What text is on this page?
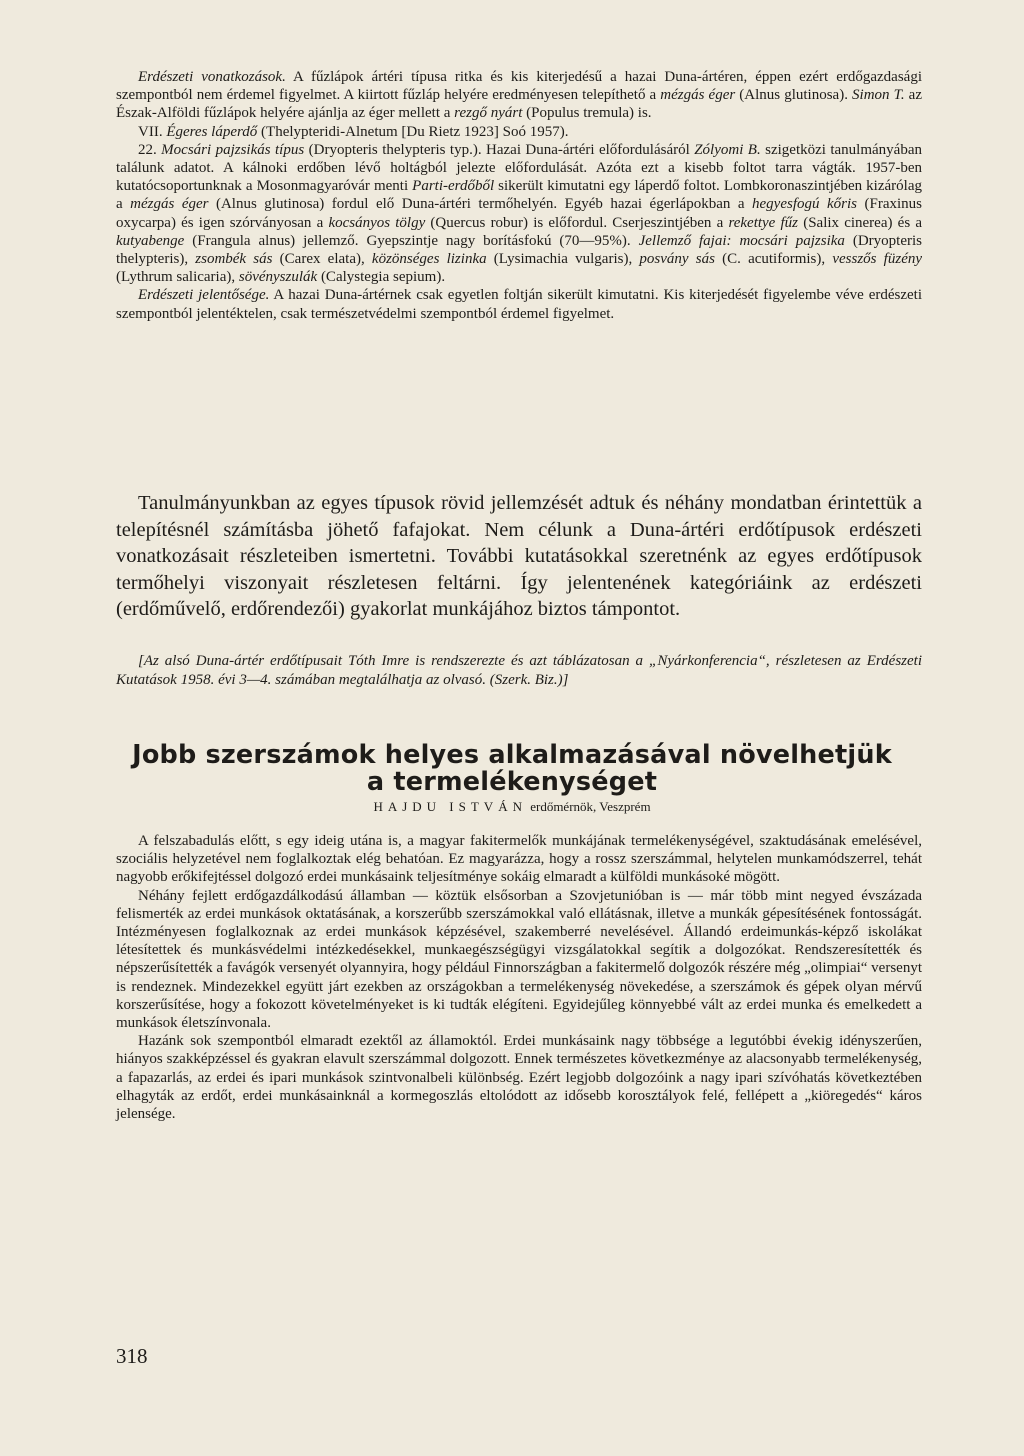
Erdészeti vonatkozások. A fűzlápok ártéri típusa ritka és kis kiterjedésű a hazai Duna-ártéren, éppen ezért erdőgazdasági szempontból nem érdemel figyelmet. A kiirtott fűzláp helyére eredményesen telepíthető a mézgás éger (Alnus glutinosa). Simon T. az Észak-Alföldi fűzlápok helyére ajánlja az éger mellett a rezgő nyárt (Populus tremula) is.

VII. Égeres láperdő (Thelypteridi-Alnetum [Du Rietz 1923] Soó 1957).

22. Mocsári pajzsikás típus (Dryopteris thelypteris typ.). Hazai Duna-ártéri előfordulásáról Zólyomi B. szigetközi tanulmányában találunk adatot. A kálnoki erdőben lévő holtágból jelezte előfordulását. Azóta ezt a kisebb foltot tarra vágták. 1957-ben kutatócsoportunknak a Mosonmagyaróvár menti Parti-erdőből sikerült kimutatni egy láperdő foltot. Lombkoronaszintjében kizárólag a mézgás éger (Alnus glutinosa) fordul elő Duna-ártéri termőhelyén. Egyéb hazai égerlápokban a hegyesfogú kőris (Fraxinus oxycarpa) és igen szórványosan a kocsányos tölgy (Quercus robur) is előfordul. Cserjeszintjében a rekettye fűz (Salix cinerea) és a kutyabenge (Frangula alnus) jellemző. Gyepszintje nagy borításfokú (70—95%). Jellemző fajai: mocsári pajzsika (Dryopteris thelypteris), zsombék sás (Carex elata), közönséges lizinka (Lysimachia vulgaris), posvány sás (C. acutiformis), vesszős füzény (Lythrum salicaria), sövényszulák (Calystegia sepium).

Erdészeti jelentősége. A hazai Duna-ártérnek csak egyetlen foltján sikerült kimutatni. Kis kiterjedését figyelembe véve erdészeti szempontból jelentéktelen, csak természetvédelmi szempontból érdemel figyelmet.

Tanulmányunkban az egyes típusok rövid jellemzését adtuk és néhány mondatban érintettük a telepítésnél számításba jöhető fafajokat. Nem célunk a Duna-ártéri erdőtípusok erdészeti vonatkozásait részleteiben ismertetni. További kutatásokkal szeretnénk az egyes erdőtípusok termőhelyi viszonyait részletesen feltárni. Így jelentenének kategóriáink az erdészeti (erdőművelő, erdőrendezői) gyakorlat munkájához biztos támpontot.

[Az alsó Duna-ártér erdőtípusait Tóth Imre is rendszerezte és azt táblázatosan a „Nyárkonferencia“, részletesen az Erdészeti Kutatások 1958. évi 3—4. számában megtalálhatja az olvasó. (Szerk. Biz.)]

Jobb szerszámok helyes alkalmazásával növelhetjük
a termelékenységet
HAJDU ISTVÁN erdőmérnök, Veszprém

A felszabadulás előtt, s egy ideig utána is, a magyar fakitermelők munkájának termelékenységével, szaktudásának emelésével, szociális helyzetével nem foglalkoztak elég behatóan. Ez magyarázza, hogy a rossz szerszámmal, helytelen munkamódszerrel, tehát nagyobb erőkifejtéssel dolgozó erdei munkásaink teljesítménye sokáig elmaradt a külföldi munkásoké mögött.

Néhány fejlett erdőgazdálkodású államban — köztük elsősorban a Szovjetunióban is — már több mint negyed évszázada felismerték az erdei munkások oktatásának, a korszerűbb szerszámokkal való ellátásnak, illetve a munkák gépesítésének fontosságát. Intézményesen foglalkoznak az erdei munkások képzésével, szakemberré nevelésével. Állandó erdeimunkás-képző iskolákat létesítettek és munkásvédelmi intézkedésekkel, munkaegészségügyi vizsgálatokkal segítik a dolgozókat. Rendszeresítették és népszerűsítették a favágók versenyét olyannyira, hogy például Finnországban a fakitermelő dolgozók részére még „olimpiai“ versenyt is rendeznek. Mindezekkel együtt járt ezekben az országokban a termelékenység növekedése, a szerszámok és gépek olyan mérvű korszerűsítése, hogy a fokozott követelményeket is ki tudták elégíteni. Egyidejűleg könnyebbé vált az erdei munka és emelkedett a munkások életszínvonala.

Hazánk sok szempontból elmaradt ezektől az államoktól. Erdei munkásaink nagy többsége a legutóbbi évekig idényszerűen, hiányos szakképzéssel és gyakran elavult szerszámmal dolgozott. Ennek természetes következménye az alacsonyabb termelékenység, a fapazarlás, az erdei és ipari munkások szintvonalbeli különbség. Ezért legjobb dolgozóink a nagy ipari szívóhatás következtében elhagyták az erdőt, erdei munkásainknál a kormegoszlás eltolódott az idősebb korosztályok felé, fellépett a „kiöregedés“ káros jelensége.

318
